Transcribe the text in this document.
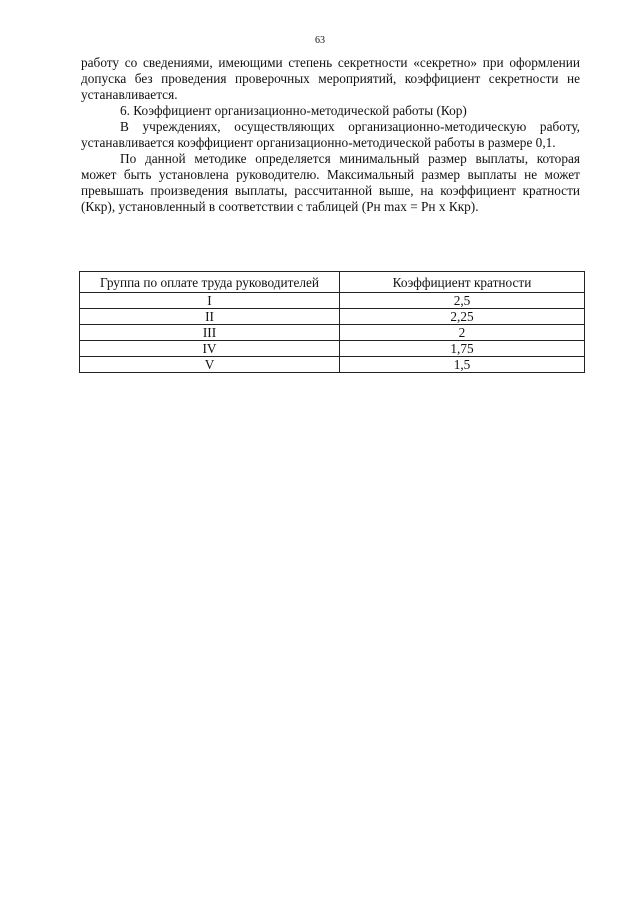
63

работу со сведениями, имеющими степень секретности «секретно» при оформлении допуска без проведения проверочных мероприятий, коэффициент секретности не устанавливается.

6. Коэффициент организационно-методической работы (Кор)

В учреждениях, осуществляющих организационно-методическую работу, устанавливается коэффициент организационно-методической работы в размере 0,1.

По данной методике определяется минимальный размер выплаты, которая может быть установлена руководителю. Максимальный размер выплаты не может превышать произведения выплаты, рассчитанной выше, на коэффициент кратности (Ккр), установленный в соответствии с таблицей (Рн max = Рн х Ккр).

Группа по оплате труда руководителей	Коэффициент кратности
I	2,5
II	2,25
III	2
IV	1,75
V	1,5
